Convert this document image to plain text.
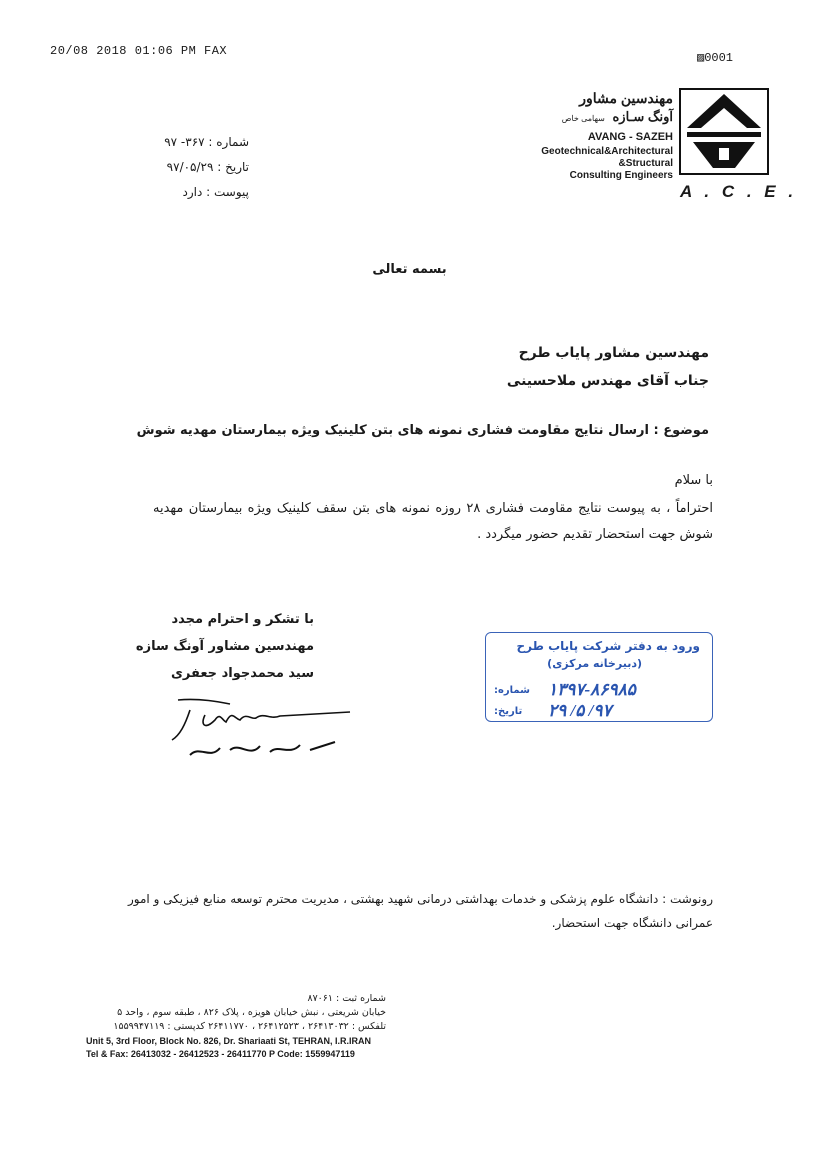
20/08 2018 01:06 PM FAX	▨0001
شماره : ۳۶۷- ۹۷
تاریخ : ۹۷/۰۵/۲۹
پیوست : دارد
مهندسین مشاور
آونگ سـازه سهامی خاص
AVANG - SAZEH
Geotechnical&Architectural
&Structural
Consulting Engineers
A . C . E .
بسمه تعالی
مهندسین مشاور پایاب طرح
جناب آقای مهندس ملاحسینی
موضوع : ارسال نتایج مقاومت فشاری نمونه های بتن کلینیک ویژه بیمارستان مهدیه شوش
با سلام
احتراماً ، به پیوست نتایج مقاومت فشاری ۲۸ روزه نمونه های بتن سقف کلینیک ویژه بیمارستان مهدیه شوش جهت استحضار تقدیم حضور میگردد .
با تشکر و احترام مجدد
مهندسین مشاور آونگ سازه
سید محمدجواد جعفری
ورود به دفتر شرکت پایاب طرح
(دبیرخانه مرکزی)
شماره: ۱۳۹۷-۸۶۹۸۵
تاریخ: ۹۷/ ۵/ ۲۹
رونوشت : دانشگاه علوم پزشکی و خدمات بهداشتی درمانی شهید بهشتی ، مدیریت محترم توسعه منابع فیزیکی و امور عمرانی دانشگاه جهت استحضار.
شماره ثبت : ۸۷۰۶۱
خیابان شریعتی ، نبش خیابان هویزه ، پلاک ۸۲۶ ، طبقه سوم ، واحد ۵
تلفکس : ۲۶۴۱۳۰۳۲ ، ۲۶۴۱۲۵۲۳ ، ۲۶۴۱۱۷۷۰ کدپستی : ۱۵۵۹۹۴۷۱۱۹
Unit 5, 3rd Floor, Block No. 826, Dr. Shariaati St, TEHRAN, I.R.IRAN
Tel & Fax: 26413032 - 26412523 - 26411770 P Code: 1559947119
